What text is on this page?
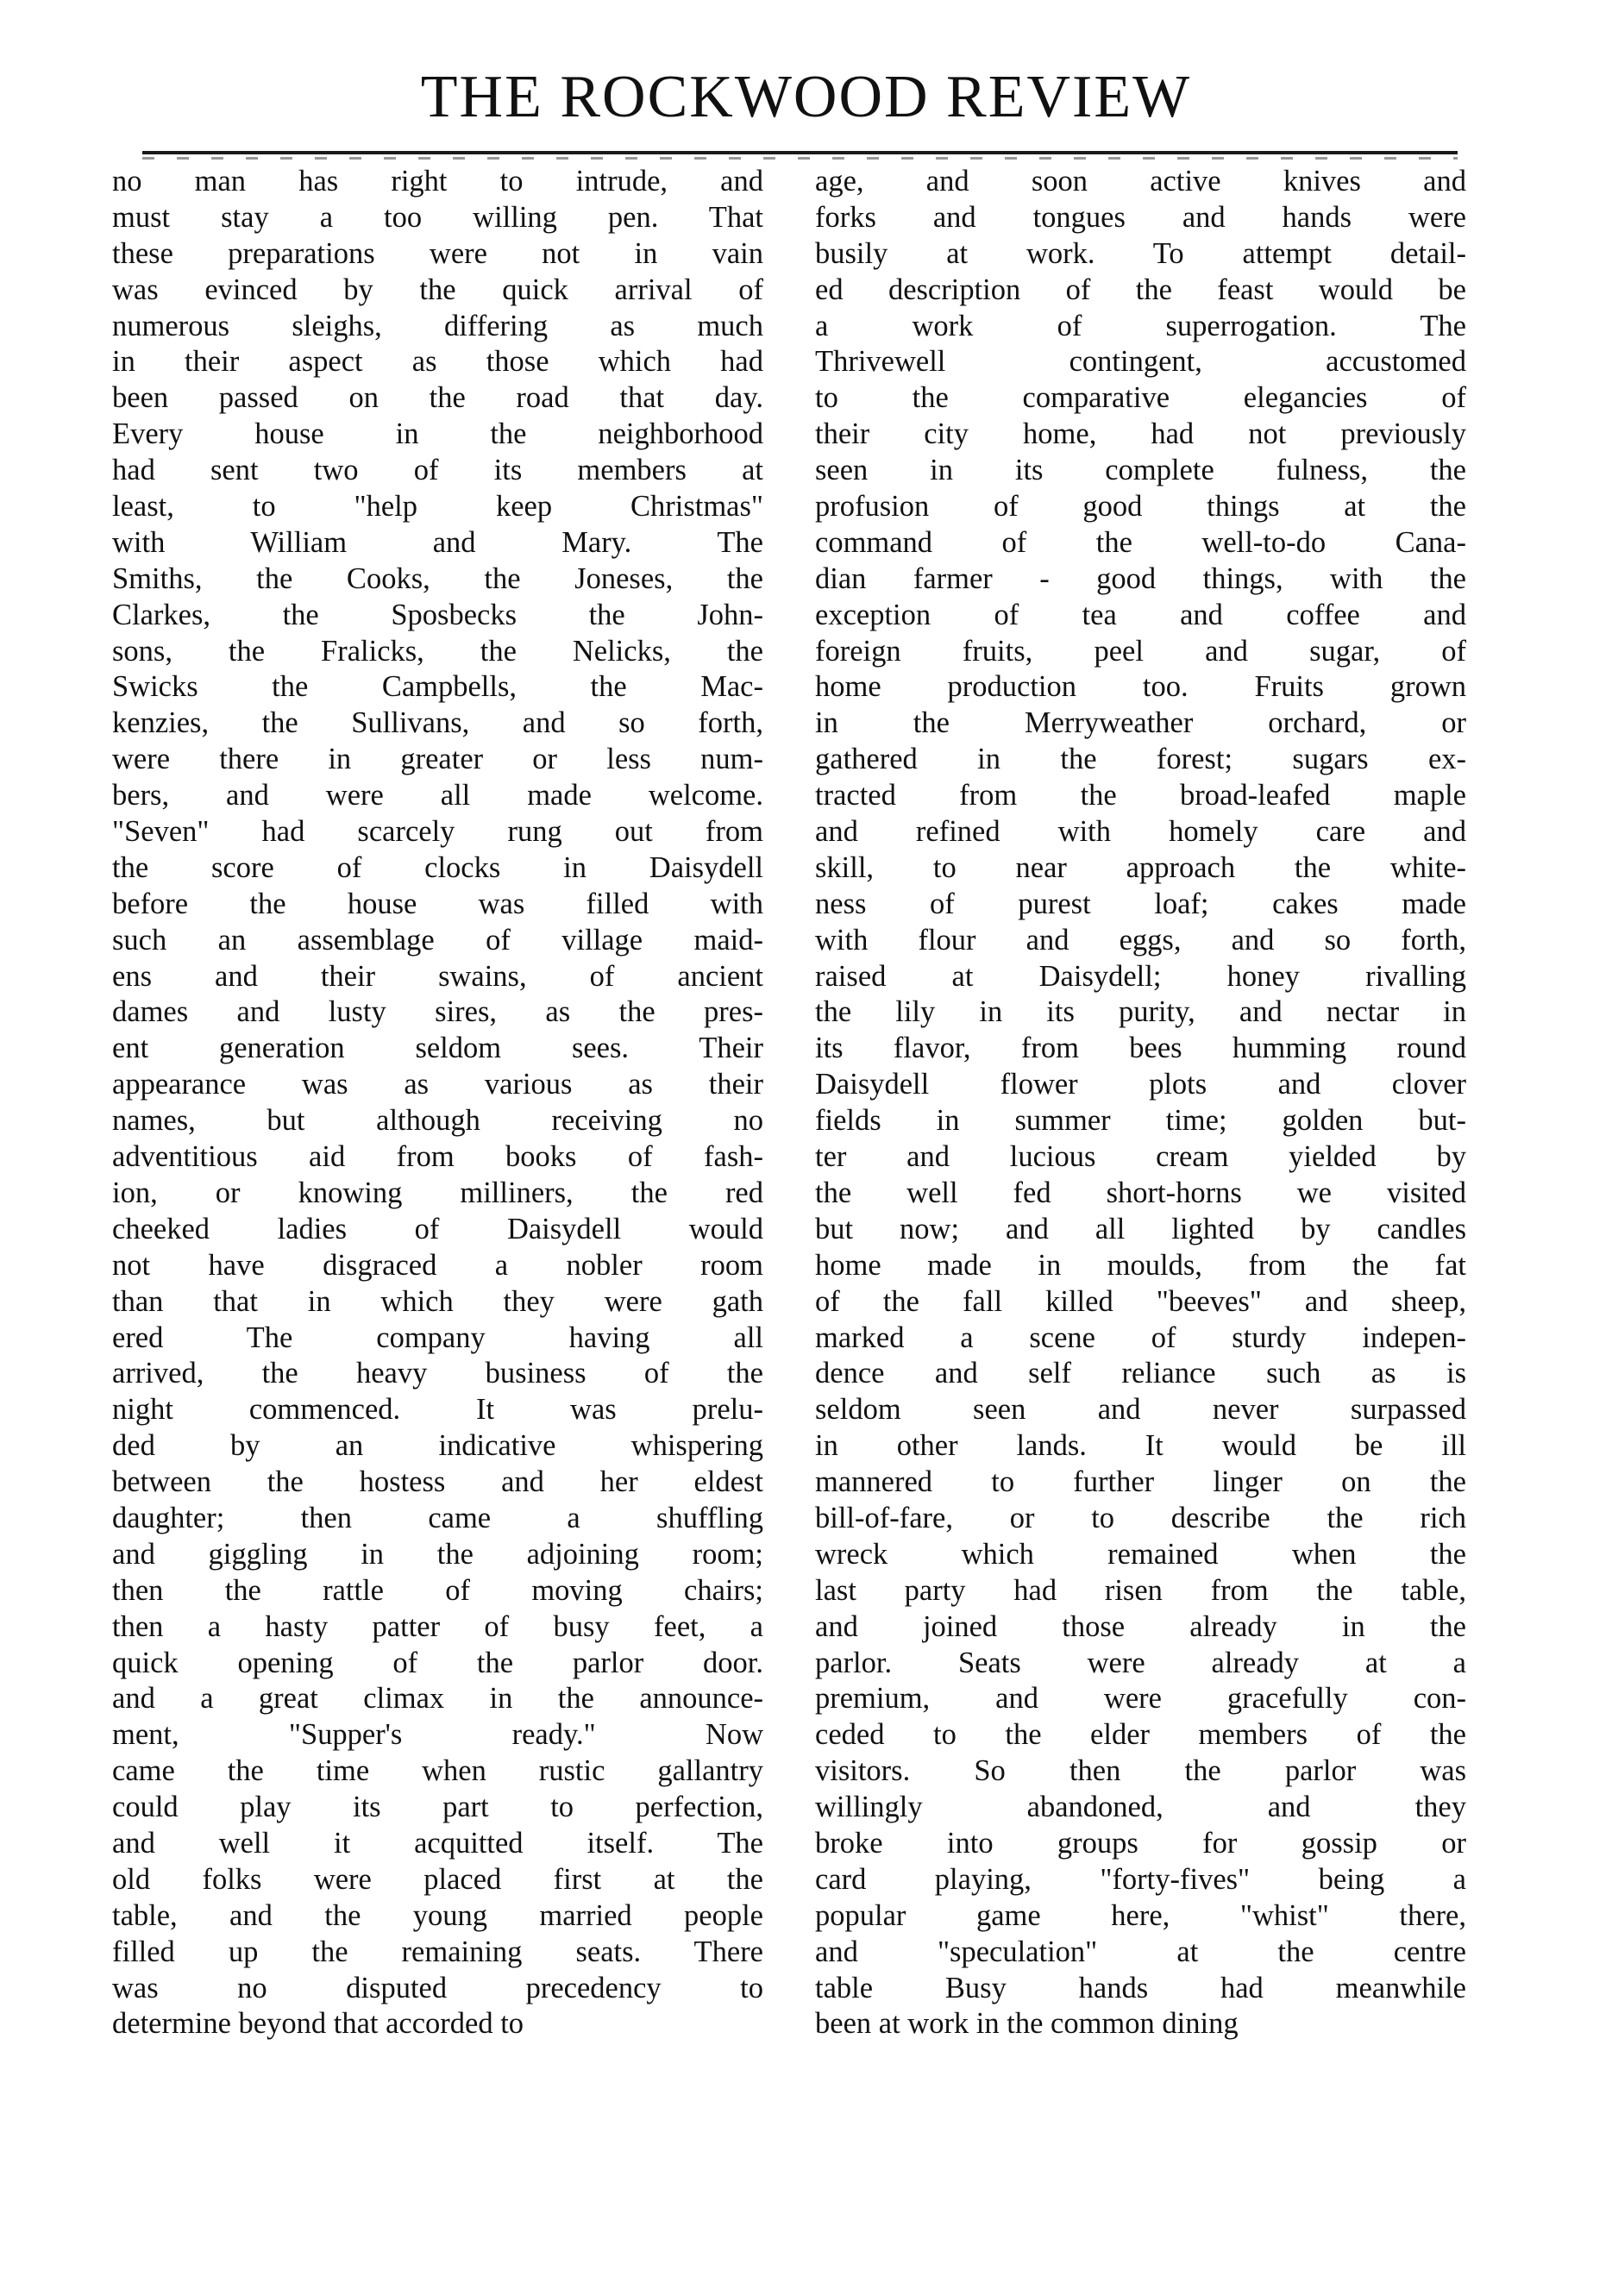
THE ROCKWOOD REVIEW
no man has right to intrude, and
must stay a too willing pen. That
these preparations were not in vain
was evinced by the quick arrival of
numerous sleighs, differing as much
in their aspect as those which had
been passed on the road that day.
Every house in the neighborhood
had sent two of its members at
least, to "help keep Christmas"
with William and Mary. The
Smiths, the Cooks, the Joneses, the
Clarkes, the Sposbecks the John-
sons, the Fralicks, the Nelicks, the
Swicks the Campbells, the Mac-
kenzies, the Sullivans, and so forth,
were there in greater or less num-
bers, and were all made welcome.
"Seven" had scarcely rung out from
the score of clocks in Daisydell
before the house was filled with
such an assemblage of village maid-
ens and their swains, of ancient
dames and lusty sires, as the pres-
ent generation seldom sees. Their
appearance was as various as their
names, but although receiving no
adventitious aid from books of fash-
ion, or knowing milliners, the red
cheeked ladies of Daisydell would
not have disgraced a nobler room
than that in which they were gath
ered The company having all
arrived, the heavy business of the
night commenced. It was prelu-
ded by an indicative whispering
between the hostess and her eldest
daughter; then came a shuffling
and giggling in the adjoining room;
then the rattle of moving chairs;
then a hasty patter of busy feet, a
quick opening of the parlor door.
and a great climax in the announce-
ment, "Supper's ready." Now
came the time when rustic gallantry
could play its part to perfection,
and well it acquitted itself. The
old folks were placed first at the
table, and the young married people
filled up the remaining seats. There
was no disputed precedency to
determine beyond that accorded to
age, and soon active knives and
forks and tongues and hands were
busily at work. To attempt detail-
ed description of the feast would be
a work of superrogation. The
Thrivewell contingent, accustomed
to the comparative elegancies of
their city home, had not previously
seen in its complete fulness, the
profusion of good things at the
command of the well-to-do Cana-
dian farmer - good things, with the
exception of tea and coffee and
foreign fruits, peel and sugar, of
home production too. Fruits grown
in the Merryweather orchard, or
gathered in the forest; sugars ex-
tracted from the broad-leafed maple
and refined with homely care and
skill, to near approach the white-
ness of purest loaf; cakes made
with flour and eggs, and so forth,
raised at Daisydell; honey rivalling
the lily in its purity, and nectar in
its flavor, from bees humming round
Daisydell flower plots and clover
fields in summer time; golden but-
ter and lucious cream yielded by
the well fed short-horns we visited
but now; and all lighted by candles
home made in moulds, from the fat
of the fall killed "beeves" and sheep,
marked a scene of sturdy indepen-
dence and self reliance such as is
seldom seen and never surpassed
in other lands. It would be ill
mannered to further linger on the
bill-of-fare, or to describe the rich
wreck which remained when the
last party had risen from the table,
and joined those already in the
parlor. Seats were already at a
premium, and were gracefully con-
ceded to the elder members of the
visitors. So then the parlor was
willingly abandoned, and they
broke into groups for gossip or
card playing, "forty-fives" being a
popular game here, "whist" there,
and "speculation" at the centre
table Busy hands had meanwhile
been at work in the common dining
